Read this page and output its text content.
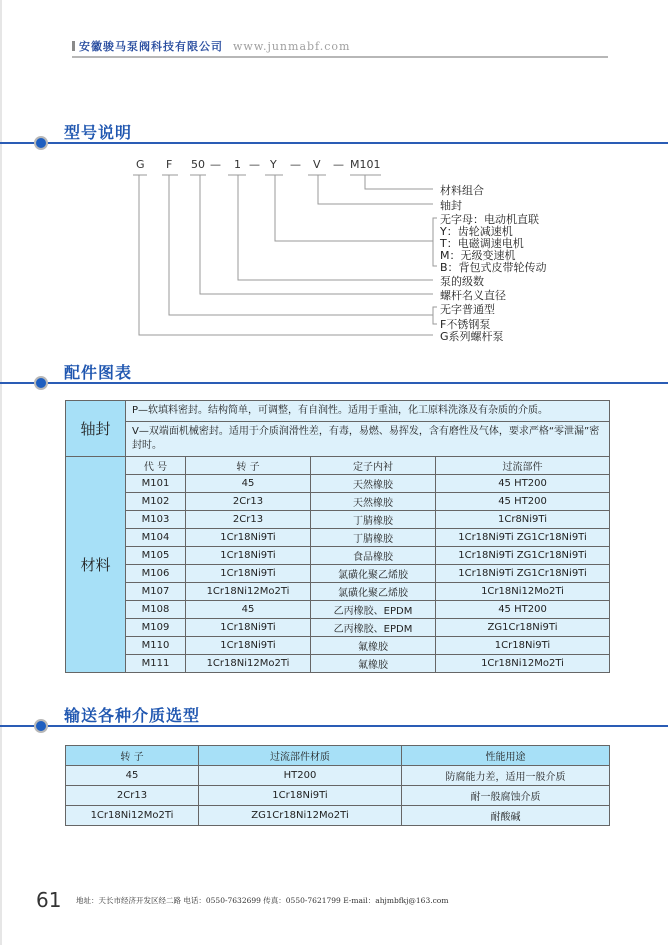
安徽骏马泵阀科技有限公司 www.junmabf.com
型号说明
G F 50 — 1 — Y — V — M101
材料组合
轴封
无字母：电动机直联
Y：齿轮减速机
T：电磁调速电机
M：无级变速机
B：背包式皮带轮传动
泵的级数
螺杆名义直径
无字普通型
F不锈钢泵
G系列螺杆泵
配件图表
轴封	P—软填料密封。结构简单，可调整，有自润性。适用于重油，化工原料洗涤及有杂质的介质。			
	V—双端面机械密封。适用于介质润滑性差，有毒，易燃、易挥发，含有磨性及气体，要求严格“零泄漏”密封时。			
材料	代 号	转 子	定子内衬	过流部件
	M101	45	天然橡胶	45 HT200
	M102	2Cr13	天然橡胶	45 HT200
	M103	2Cr13	丁腈橡胶	1Cr8Ni9Ti
	M104	1Cr18Ni9Ti	丁腈橡胶	1Cr18Ni9Ti ZG1Cr18Ni9Ti
	M105	1Cr18Ni9Ti	食品橡胶	1Cr18Ni9Ti ZG1Cr18Ni9Ti
	M106	1Cr18Ni9Ti	氯磺化聚乙烯胶	1Cr18Ni9Ti ZG1Cr18Ni9Ti
	M107	1Cr18Ni12Mo2Ti	氯磺化聚乙烯胶	1Cr18Ni12Mo2Ti
	M108	45	乙丙橡胶、EPDM	45 HT200
	M109	1Cr18Ni9Ti	乙丙橡胶、EPDM	ZG1Cr18Ni9Ti
	M110	1Cr18Ni9Ti	氟橡胶	1Cr18Ni9Ti
	M111	1Cr18Ni12Mo2Ti	氟橡胶	1Cr18Ni12Mo2Ti
输送各种介质选型
转 子	过流部件材质	性能用途
45	HT200	防腐能力差，适用一般介质
2Cr13	1Cr18Ni9Ti	耐一般腐蚀介质
1Cr18Ni12Mo2Ti	ZG1Cr18Ni12Mo2Ti	耐酸碱
61 地址：天长市经济开发区经二路 电话：0550-7632699 传真：0550-7621799 E-mail：ahjmbfkj@163.com
